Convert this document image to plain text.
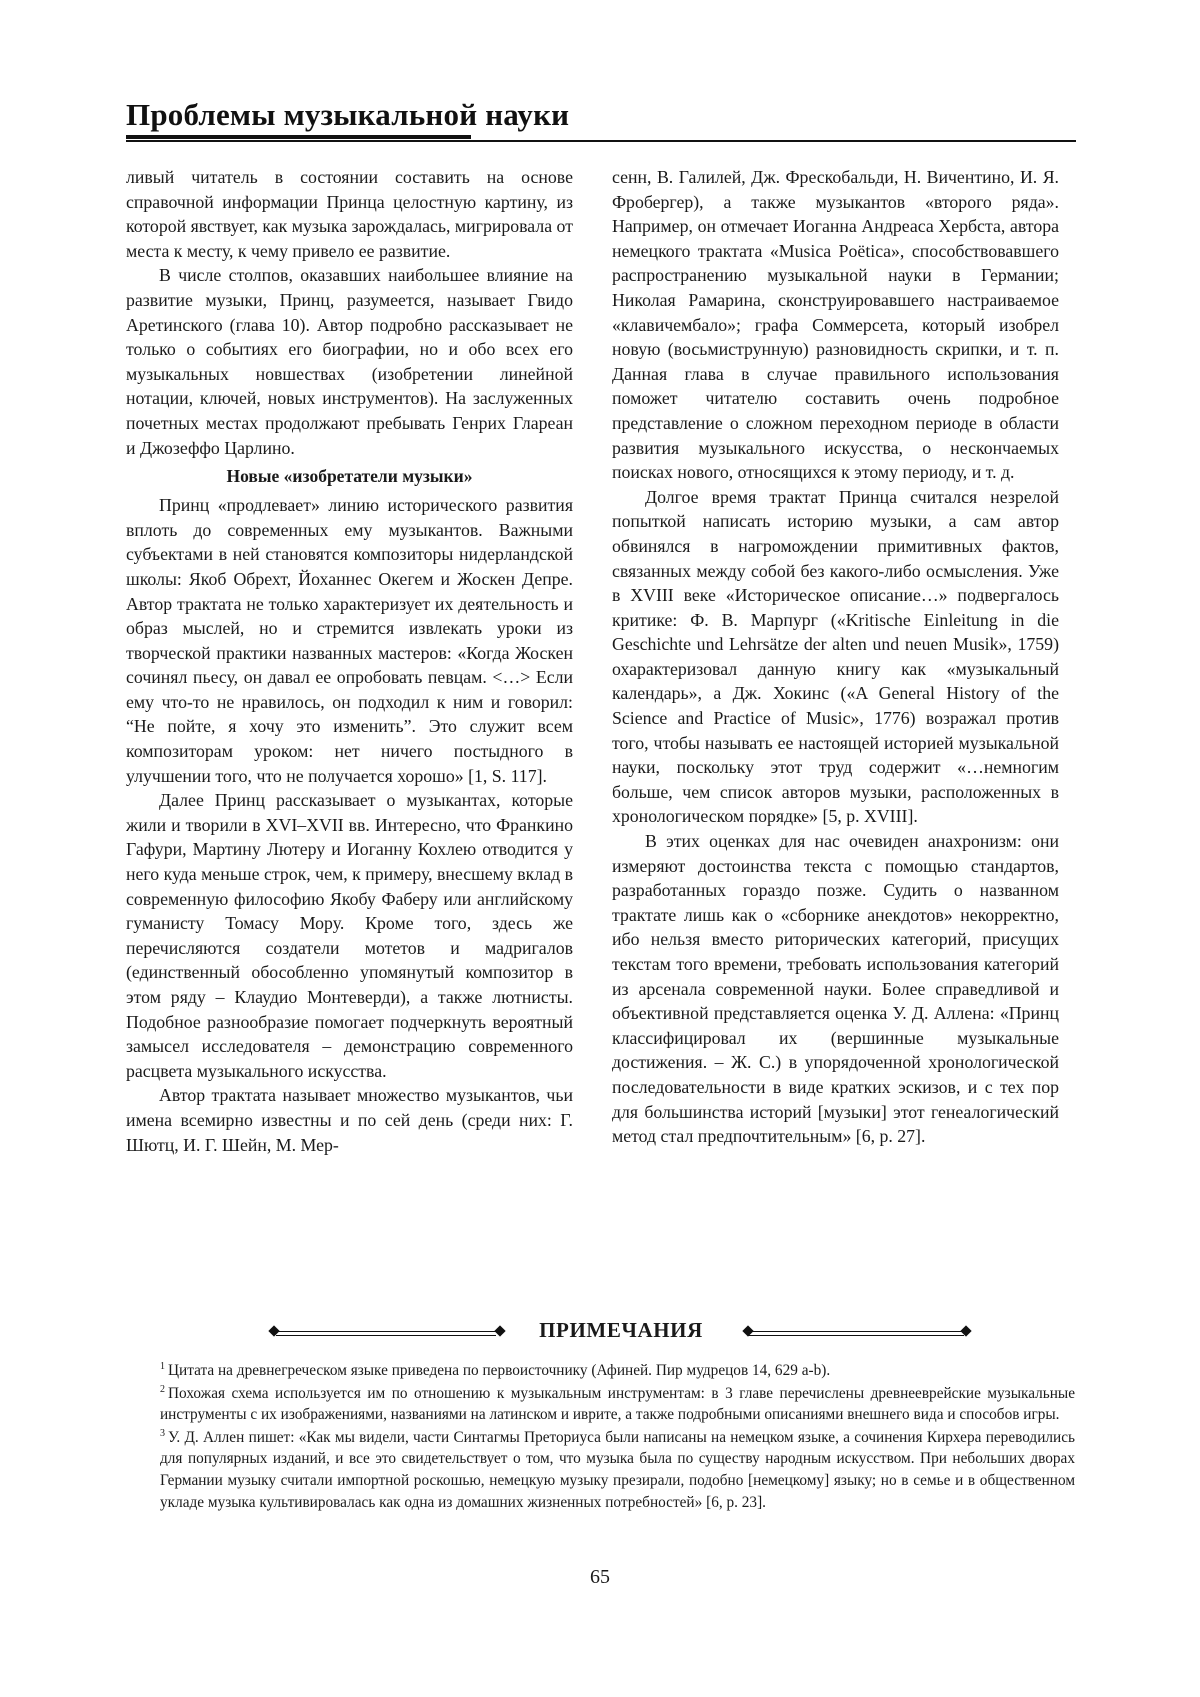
Проблемы музыкальной науки

ливый читатель в состоянии составить на основе справочной информации Принца целостную картину, из которой явствует, как музыка зарождалась, мигрировала от места к месту, к чему привело ее развитие.

В числе столпов, оказавших наибольшее влияние на развитие музыки, Принц, разумеется, называет Гвидо Аретинского (глава 10). Автор подробно рассказывает не только о событиях его биографии, но и обо всех его музыкальных новшествах (изобретении линейной нотации, ключей, новых инструментов). На заслуженных почетных местах продолжают пребывать Генрих Глареан и Джозеффо Царлино.

Новые «изобретатели музыки»

Принц «продлевает» линию исторического развития вплоть до современных ему музыкантов. Важными субъектами в ней становятся композиторы нидерландской школы: Якоб Обрехт, Йоханнес Окегем и Жоскен Депре. Автор трактата не только характеризует их деятельность и образ мыслей, но и стремится извлекать уроки из творческой практики названных мастеров: «Когда Жоскен сочинял пьесу, он давал ее опробовать певцам. <…> Если ему что-то не нравилось, он подходил к ним и говорил: “Не пойте, я хочу это изменить”. Это служит всем композиторам уроком: нет ничего постыдного в улучшении того, что не получается хорошо» [1, S. 117].

Далее Принц рассказывает о музыкантах, которые жили и творили в XVI–XVII вв. Интересно, что Франкино Гафури, Мартину Лютеру и Иоганну Кохлею отводится у него куда меньше строк, чем, к примеру, внесшему вклад в современную философию Якобу Фаберу или английскому гуманисту Томасу Мору. Кроме того, здесь же перечисляются создатели мотетов и мадригалов (единственный обособленно упомянутый композитор в этом ряду – Клаудио Монтеверди), а также лютнисты. Подобное разнообразие помогает подчеркнуть вероятный замысел исследователя – демонстрацию современного расцвета музыкального искусства.

Автор трактата называет множество музыкантов, чьи имена всемирно известны и по сей день (среди них: Г. Шютц, И. Г. Шейн, М. Мер-

сенн, В. Галилей, Дж. Фрескобальди, Н. Вичентино, И. Я. Фробергер), а также музыкантов «второго ряда». Например, он отмечает Иоганна Андреаса Хербста, автора немецкого трактата «Musica Poëtica», способствовавшего распространению музыкальной науки в Германии; Николая Рамарина, сконструировавшего настраиваемое «клавичембало»; графа Соммерсета, который изобрел новую (восьмиструнную) разновидность скрипки, и т. п. Данная глава в случае правильного использования поможет читателю составить очень подробное представление о сложном переходном периоде в области развития музыкального искусства, о нескончаемых поисках нового, относящихся к этому периоду, и т. д.

Долгое время трактат Принца считался незрелой попыткой написать историю музыки, а сам автор обвинялся в нагромождении примитивных фактов, связанных между собой без какого-либо осмысления. Уже в XVIII веке «Историческое описание…» подвергалось критике: Ф. В. Марпург («Kritische Einleitung in die Geschichte und Lehrsätze der alten und neuen Musik», 1759) охарактеризовал данную книгу как «музыкальный календарь», а Дж. Хокинс («A General History of the Science and Practice of Music», 1776) возражал против того, чтобы называть ее настоящей историей музыкальной науки, поскольку этот труд содержит «…немногим больше, чем список авторов музыки, расположенных в хронологическом порядке» [5, p. XVIII].

В этих оценках для нас очевиден анахронизм: они измеряют достоинства текста с помощью стандартов, разработанных гораздо позже. Судить о названном трактате лишь как о «сборнике анекдотов» некорректно, ибо нельзя вместо риторических категорий, присущих текстам того времени, требовать использования категорий из арсенала современной науки. Более справедливой и объективной представляется оценка У. Д. Аллена: «Принц классифицировал их (вершинные музыкальные достижения. – Ж. С.) в упорядоченной хронологической последовательности в виде кратких эскизов, и с тех пор для большинства историй [музыки] этот генеалогический метод стал предпочтительным» [6, p. 27].

ПРИМЕЧАНИЯ

$^1$ Цитата на древнегреческом языке приведена по первоисточнику (Афиней. Пир мудрецов 14, 629 a-b).

$^2$ Похожая схема используется им по отношению к музыкальным инструментам: в 3 главе перечислены древнееврейские музыкальные инструменты с их изображениями, названиями на латинском и иврите, а также подробными описаниями внешнего вида и способов игры.

$^3$ У. Д. Аллен пишет: «Как мы видели, части Синтагмы Преториуса были написаны на немецком языке, а сочинения Кирхера переводились для популярных изданий, и все это свидетельствует о том, что музыка была по существу народным искусством. При небольших дворах Германии музыку считали импортной роскошью, немецкую музыку презирали, подобно [немецкому] языку; но в семье и в общественном укладе музыка культивировалась как одна из домашних жизненных потребностей» [6, p. 23].

65
